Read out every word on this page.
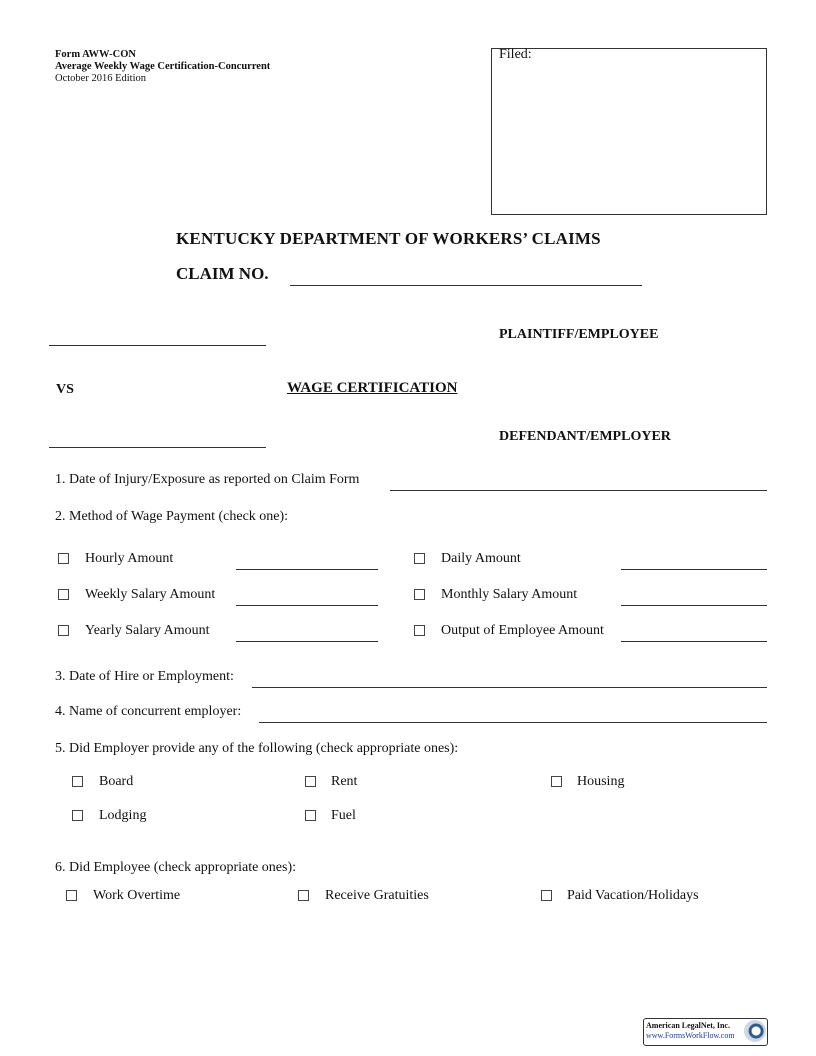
Form AWW-CON
Average Weekly Wage Certification-Concurrent
October 2016 Edition
Filed:
KENTUCKY DEPARTMENT OF WORKERS’ CLAIMS
CLAIM NO.
PLAINTIFF/EMPLOYEE
VS	WAGE CERTIFICATION
DEFENDANT/EMPLOYER
1. Date of Injury/Exposure as reported on Claim Form
2. Method of Wage Payment (check one):
Hourly Amount	Daily Amount
Weekly Salary Amount	Monthly Salary Amount
Yearly Salary Amount	Output of Employee Amount
3. Date of Hire or Employment:
4. Name of concurrent employer:
5. Did Employer provide any of the following (check appropriate ones):
Board	Rent	Housing
Lodging	Fuel
6. Did Employee (check appropriate ones):
Work Overtime	Receive Gratuities	Paid Vacation/Holidays
American LegalNet, Inc.
www.FormsWorkFlow.com
